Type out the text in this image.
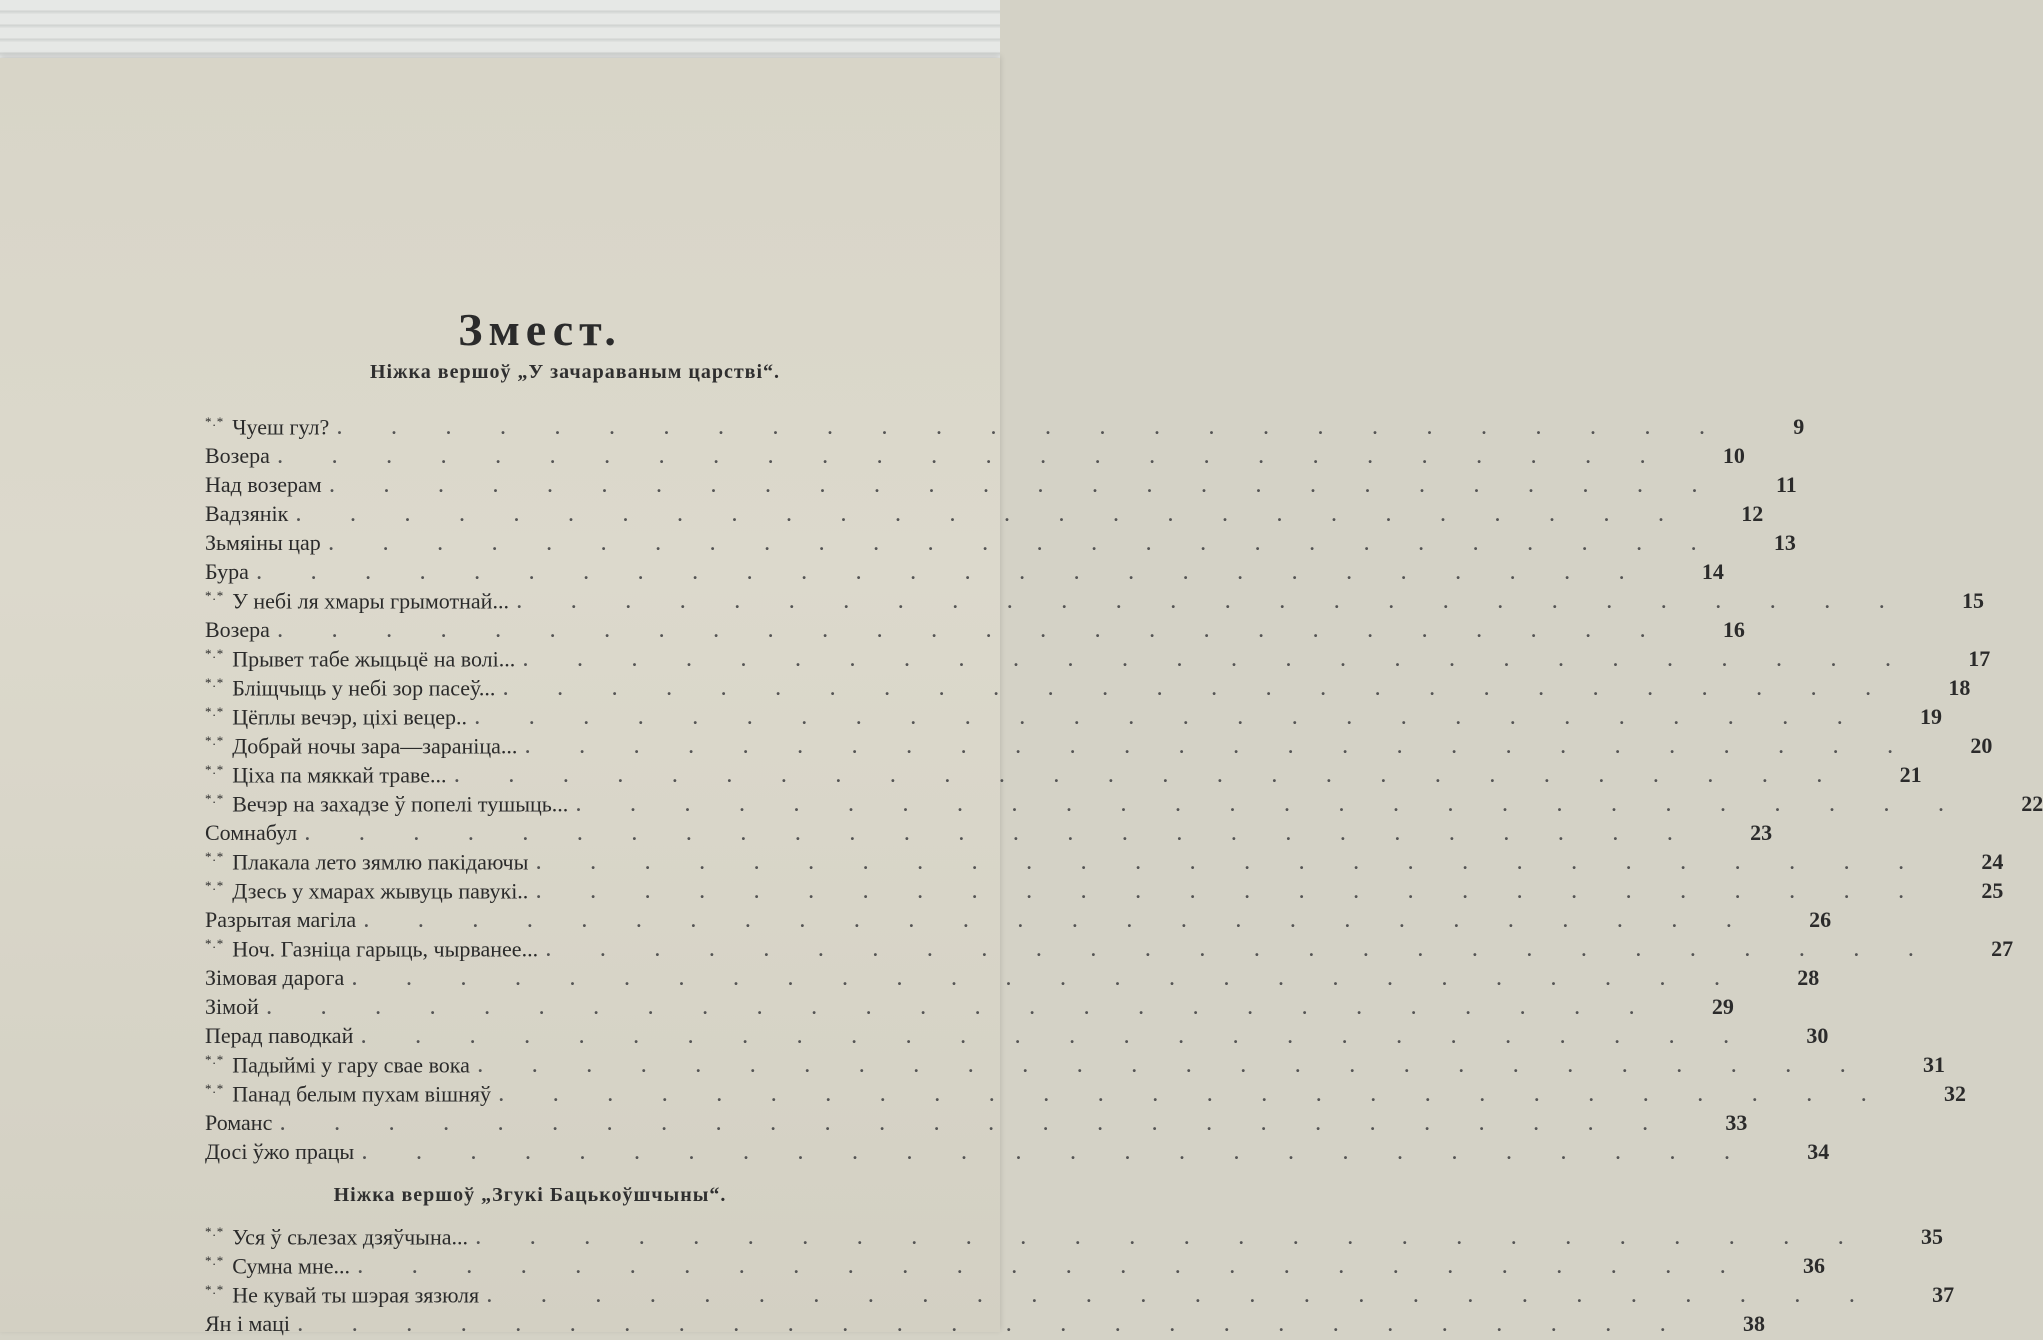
Змест.
Ніжка вершоў „У зачараваным царстві“.
*.* Чуеш гул? ..........................	9
Возера ..........................	10
Над возерам ..........................	11
Вадзянік ..........................	12
Зьмяіны цар ..........................	13
Бура ..........................	14
*.* У небі ля хмары грымотнай... ..........................	15
Возера ..........................	16
*.* Прывет табе жыцьцё на волі... ..........................	17
*.* Бліщчыць у небі зор пасеў... ..........................	18
*.* Цёплы вечэр, ціхі вецер.. ..........................	19
*.* Добрай ночы зара—заранiца... ..........................	20
*.* Ціха па мяккай траве... ..........................	21
*.* Вечэр на захадзе ў попелі тушыць... ..........................	22
Сомнабул ..........................	23
*.* Плакала лето зямлю пакідаючы ..........................	24
*.* Дзесь у хмарах жывуць павукі.. ..........................	25
Разрытая магіла ..........................	26
*.* Ноч. Газніца гарыць, чырванее... ..........................	27
Зімовая дарога ..........................	28
Зімой ..........................	29
Перад паводкай ..........................	30
*.* Падыймі у гару свае вока ..........................	31
*.* Панад белым пухам вішняў ..........................	32
Романс ..........................	33
Досі ўжо працы ..........................	34
Ніжка вершоў „Згукі Бацькоўшчыны“.
*.* Уся ў сьлезах дзяўчына... ..........................	35
*.* Сумна мне... ..........................	36
*.* Не кувай ты шэрая зязюля ..........................	37
Ян і маці ..........................	38
